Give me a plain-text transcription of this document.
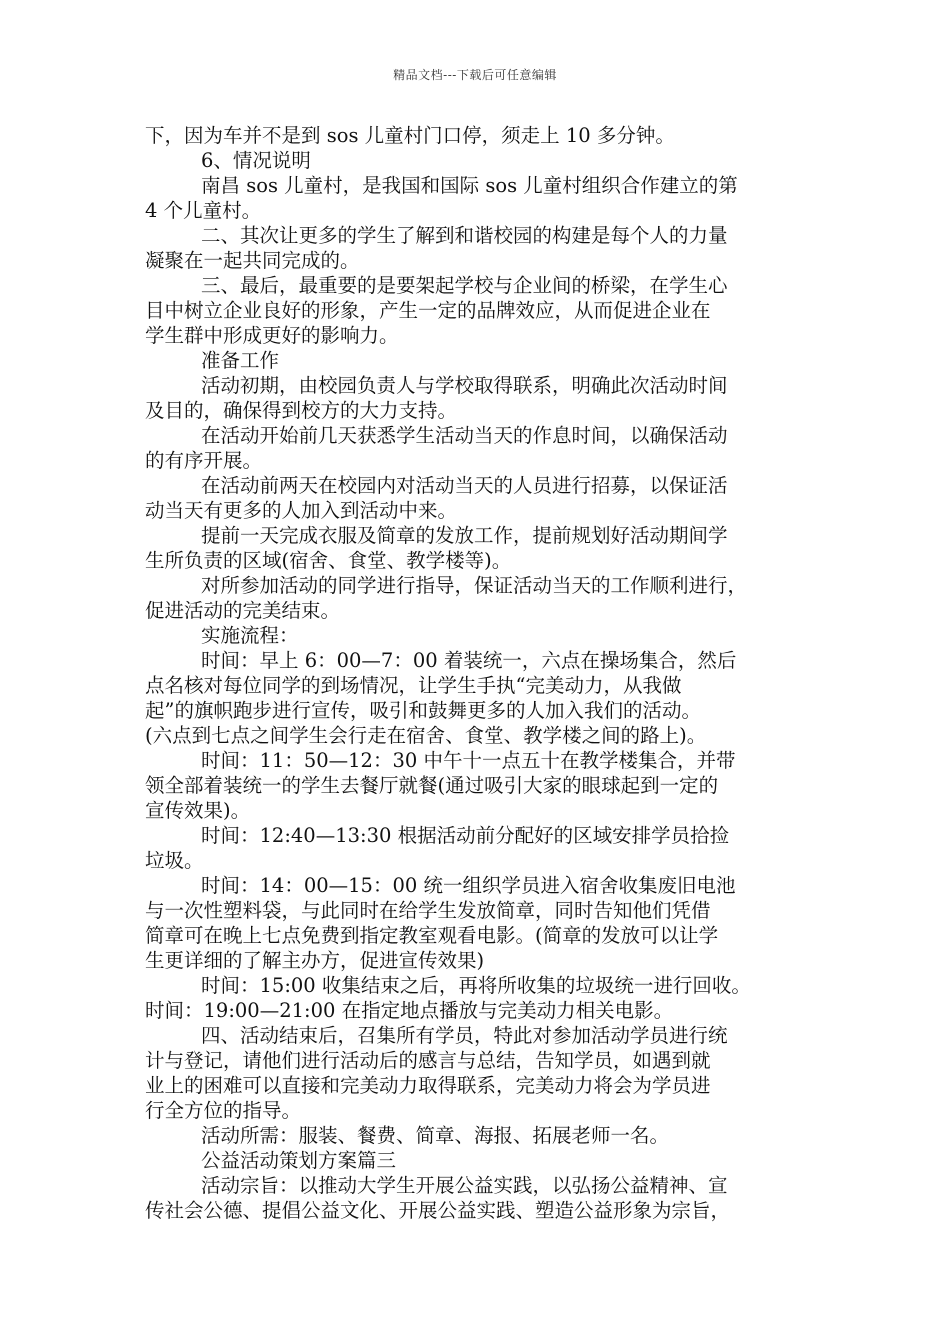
精品文档---下载后可任意编辑
下，因为车并不是到 sos 儿童村门口停，须走上 10 多分钟。
6、情况说明
南昌 sos 儿童村，是我国和国际 sos 儿童村组织合作建立的第
4 个儿童村。
二、其次让更多的学生了解到和谐校园的构建是每个人的力量
凝聚在一起共同完成的。
三、最后，最重要的是要架起学校与企业间的桥梁，在学生心
目中树立企业良好的形象，产生一定的品牌效应，从而促进企业在
学生群中形成更好的影响力。
准备工作
活动初期，由校园负责人与学校取得联系，明确此次活动时间
及目的，确保得到校方的大力支持。
在活动开始前几天获悉学生活动当天的作息时间，以确保活动
的有序开展。
在活动前两天在校园内对活动当天的人员进行招募，以保证活
动当天有更多的人加入到活动中来。
提前一天完成衣服及简章的发放工作，提前规划好活动期间学
生所负责的区域(宿舍、食堂、教学楼等)。
对所参加活动的同学进行指导，保证活动当天的工作顺利进行，
促进活动的完美结束。
实施流程：
时间：早上 6：00—7：00 着装统一，六点在操场集合，然后
点名核对每位同学的到场情况，让学生手执“完美动力，从我做
起”的旗帜跑步进行宣传，吸引和鼓舞更多的人加入我们的活动。
(六点到七点之间学生会行走在宿舍、食堂、教学楼之间的路上)。
时间：11：50—12：30 中午十一点五十在教学楼集合，并带
领全部着装统一的学生去餐厅就餐(通过吸引大家的眼球起到一定的
宣传效果)。
时间：12:40—13:30 根据活动前分配好的区域安排学员拾捡
垃圾。
时间：14：00—15：00 统一组织学员进入宿舍收集废旧电池
与一次性塑料袋，与此同时在给学生发放简章，同时告知他们凭借
简章可在晚上七点免费到指定教室观看电影。(简章的发放可以让学
生更详细的了解主办方，促进宣传效果)
时间：15:00 收集结束之后，再将所收集的垃圾统一进行回收。
时间：19:00—21:00 在指定地点播放与完美动力相关电影。
四、活动结束后，召集所有学员，特此对参加活动学员进行统
计与登记，请他们进行活动后的感言与总结，告知学员，如遇到就
业上的困难可以直接和完美动力取得联系，完美动力将会为学员进
行全方位的指导。
活动所需：服装、餐费、简章、海报、拓展老师一名。
公益活动策划方案篇三
活动宗旨：以推动大学生开展公益实践，以弘扬公益精神、宣
传社会公德、提倡公益文化、开展公益实践、塑造公益形象为宗旨，
